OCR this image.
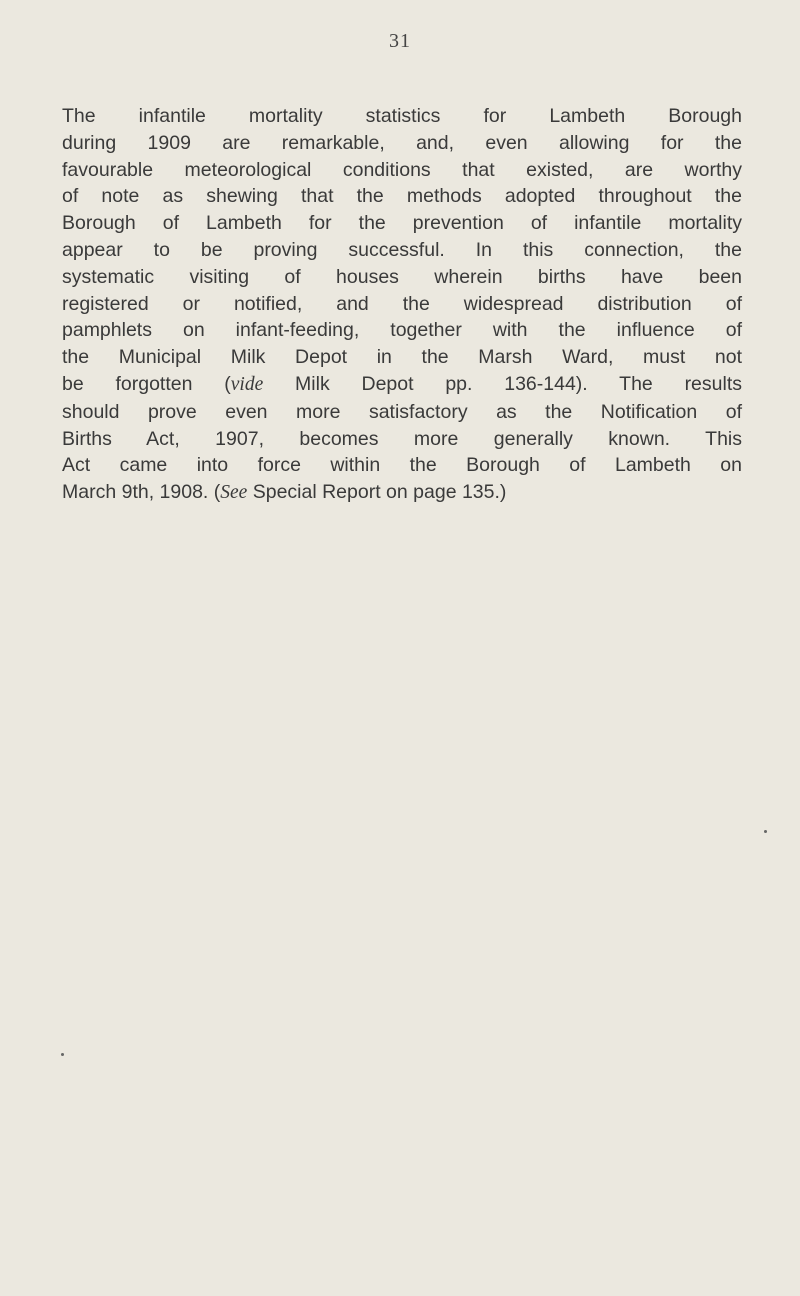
31

The infantile mortality statistics for Lambeth Borough
during 1909 are remarkable, and, even allowing for the
favourable meteorological conditions that existed, are worthy
of note as shewing that the methods adopted throughout the
Borough of Lambeth for the prevention of infantile mortality
appear to be proving successful. In this connection, the
systematic visiting of houses wherein births have been
registered or notified, and the widespread distribution of
pamphlets on infant-feeding, together with the influence of
the Municipal Milk Depot in the Marsh Ward, must not
be forgotten (vide Milk Depot pp. 136-144). The results
should prove even more satisfactory as the Notification of
Births Act, 1907, becomes more generally known. This
Act came into force within the Borough of Lambeth on
March 9th, 1908. (See Special Report on page 135.)
